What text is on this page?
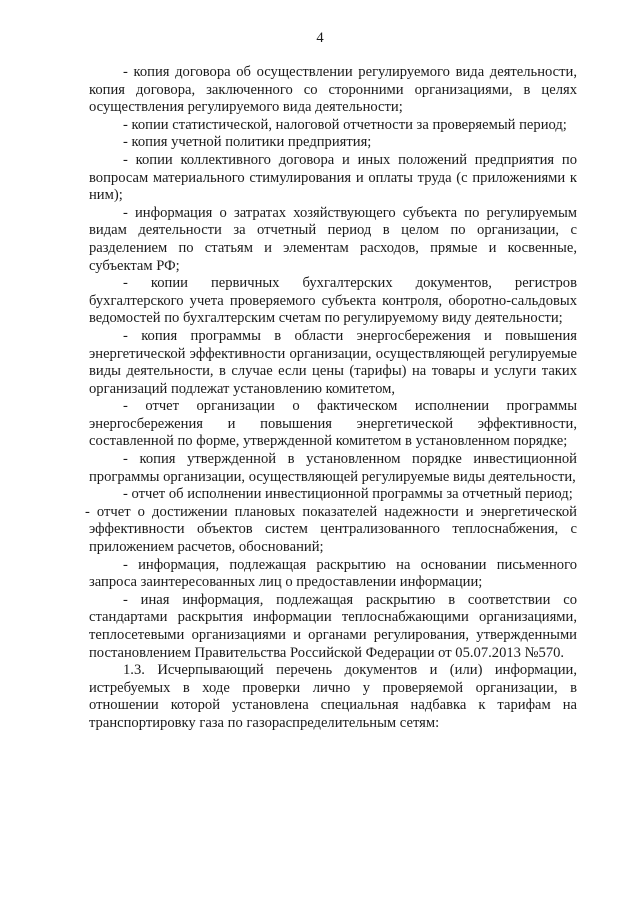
4

- копия договора об осуществлении регулируемого вида деятельности, копия договора, заключенного со сторонними организациями, в целях осуществления регулируемого вида деятельности;

- копии статистической, налоговой отчетности за проверяемый период;

- копия учетной политики предприятия;

- копии коллективного договора и иных положений предприятия по вопросам материального стимулирования и оплаты труда (с приложениями к ним);

- информация о затратах хозяйствующего субъекта по регулируемым видам деятельности за отчетный период в целом по организации, с разделением по статьям и элементам расходов, прямые и косвенные, субъектам РФ;

- копии первичных бухгалтерских документов, регистров бухгалтерского учета проверяемого субъекта контроля, оборотно-сальдовых ведомостей по бухгалтерским счетам по регулируемому виду деятельности;

- копия программы в области энергосбережения и повышения энергетической эффективности организации, осуществляющей регулируемые виды деятельности, в случае если цены (тарифы) на товары и услуги таких организаций подлежат установлению комитетом,

- отчет организации о фактическом исполнении программы энергосбережения и повышения энергетической эффективности, составленной по форме, утвержденной комитетом в установленном порядке;

- копия утвержденной в установленном порядке инвестиционной программы организации, осуществляющей регулируемые виды деятельности,

- отчет об исполнении инвестиционной программы за отчетный период;

- отчет о достижении плановых показателей надежности и энергетической эффективности объектов систем централизованного теплоснабжения, с приложением расчетов, обоснований;

- информация, подлежащая раскрытию на основании письменного запроса заинтересованных лиц о предоставлении информации;

- иная информация, подлежащая раскрытию в соответствии со стандартами раскрытия информации теплоснабжающими организациями, теплосетевыми организациями и органами регулирования, утвержденными постановлением Правительства Российской Федерации от 05.07.2013 №570.

1.3. Исчерпывающий перечень документов и (или) информации, истребуемых в ходе проверки лично у проверяемой организации, в отношении которой установлена специальная надбавка к тарифам на транспортировку газа по газораспределительным сетям:
